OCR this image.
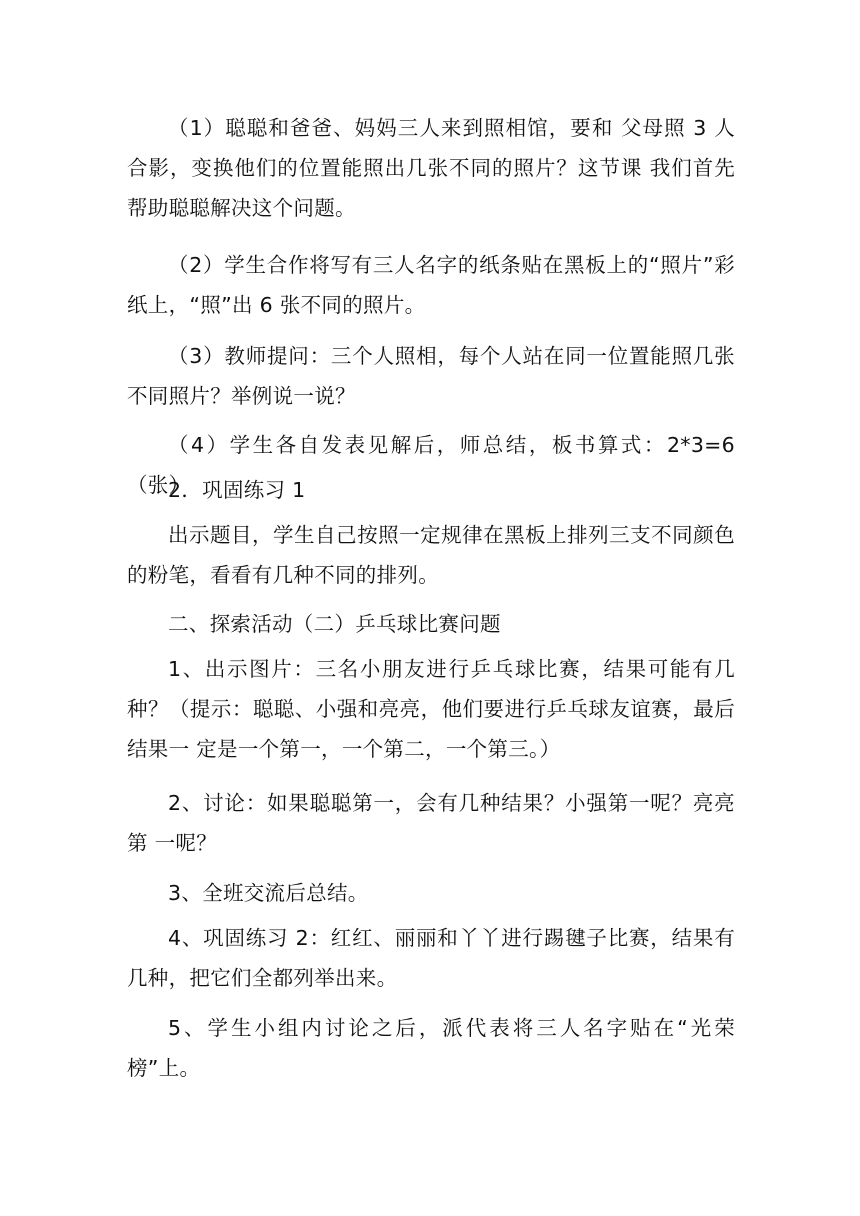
（1）聪聪和爸爸、妈妈三人来到照相馆，要和 父母照 3 人合影，变换他们的位置能照出几张不同的照片？这节课 我们首先帮助聪聪解决这个问题。

（2）学生合作将写有三人名字的纸条贴在黑板上的“照片”彩纸上，“照”出 6 张不同的照片。

（3）教师提问：三个人照相，每个人站在同一位置能照几张不同照片？举例说一说？

（4）学生各自发表见解后，师总结，板书算式：2*3=6（张）

2．巩固练习 1

出示题目，学生自己按照一定规律在黑板上排列三支不同颜色的粉笔，看看有几种不同的排列。

二、探索活动（二）乒乓球比赛问题

1、出示图片：三名小朋友进行乒乓球比赛，结果可能有几种？（提示：聪聪、小强和亮亮，他们要进行乒乓球友谊赛，最后结果一 定是一个第一，一个第二，一个第三。）

2、讨论：如果聪聪第一，会有几种结果？小强第一呢？亮亮第 一呢？

3、全班交流后总结。

4、巩固练习 2：红红、丽丽和丫丫进行踢毽子比赛，结果有几种，把它们全都列举出来。

5、学生小组内讨论之后，派代表将三人名字贴在“光荣榜”上。
